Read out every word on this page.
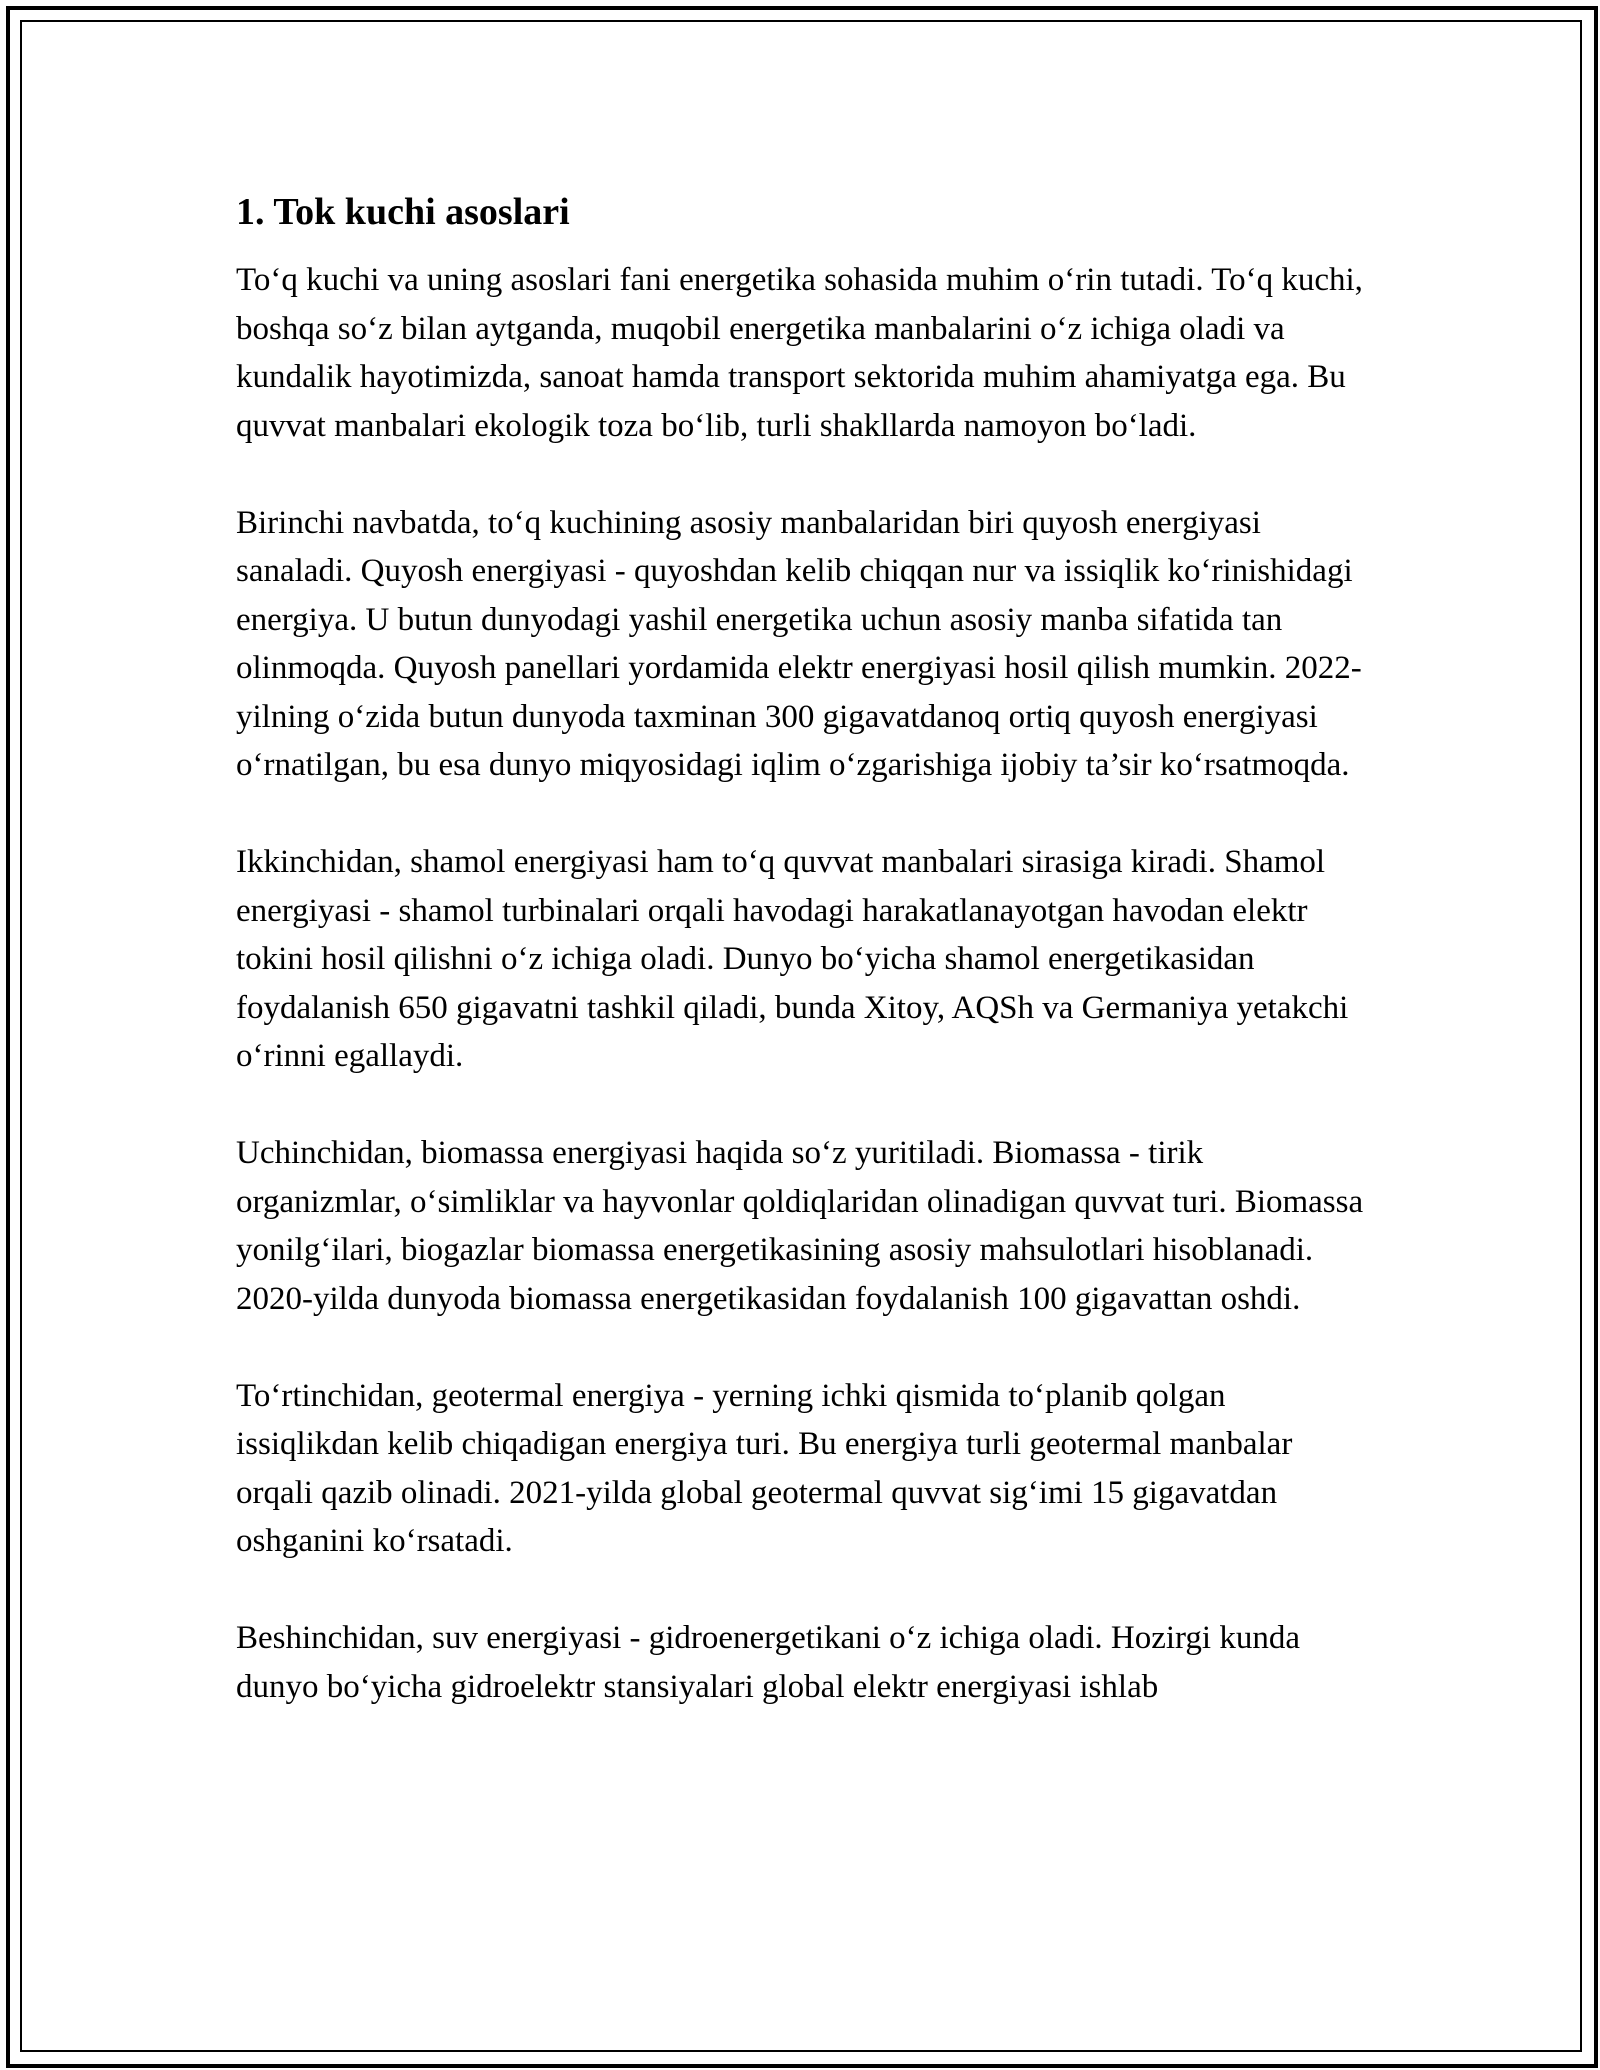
1. Tok kuchi asoslari

To‘q kuchi va uning asoslari fani energetika sohasida muhim o‘rin tutadi. To‘q kuchi, boshqa so‘z bilan aytganda, muqobil energetika manbalarini o‘z ichiga oladi va kundalik hayotimizda, sanoat hamda transport sektorida muhim ahamiyatga ega. Bu quvvat manbalari ekologik toza bo‘lib, turli shakllarda namoyon bo‘ladi.

Birinchi navbatda, to‘q kuchining asosiy manbalaridan biri quyosh energiyasi sanaladi. Quyosh energiyasi - quyoshdan kelib chiqqan nur va issiqlik ko‘rinishidagi energiya. U butun dunyodagi yashil energetika uchun asosiy manba sifatida tan olinmoqda. Quyosh panellari yordamida elektr energiyasi hosil qilish mumkin. 2022-yilning o‘zida butun dunyoda taxminan 300 gigavatdanoq ortiq quyosh energiyasi o‘rnatilgan, bu esa dunyo miqyosidagi iqlim o‘zgarishiga ijobiy ta’sir ko‘rsatmoqda.

Ikkinchidan, shamol energiyasi ham to‘q quvvat manbalari sirasiga kiradi. Shamol energiyasi - shamol turbinalari orqali havodagi harakatlanayotgan havodan elektr tokini hosil qilishni o‘z ichiga oladi. Dunyo bo‘yicha shamol energetikasidan foydalanish 650 gigavatni tashkil qiladi, bunda Xitoy, AQSh va Germaniya yetakchi o‘rinni egallaydi.

Uchinchidan, biomassa energiyasi haqida so‘z yuritiladi. Biomassa - tirik organizmlar, o‘simliklar va hayvonlar qoldiqlaridan olinadigan quvvat turi. Biomassa yonilg‘ilari, biogazlar biomassa energetikasining asosiy mahsulotlari hisoblanadi. 2020-yilda dunyoda biomassa energetikasidan foydalanish 100 gigavattan oshdi.

To‘rtinchidan, geotermal energiya - yerning ichki qismida to‘planib qolgan issiqlikdan kelib chiqadigan energiya turi. Bu energiya turli geotermal manbalar orqali qazib olinadi. 2021-yilda global geotermal quvvat sig‘imi 15 gigavatdan oshganini ko‘rsatadi.

Beshinchidan, suv energiyasi - gidroenergetikani o‘z ichiga oladi. Hozirgi kunda dunyo bo‘yicha gidroelektr stansiyalari global elektr energiyasi ishlab
